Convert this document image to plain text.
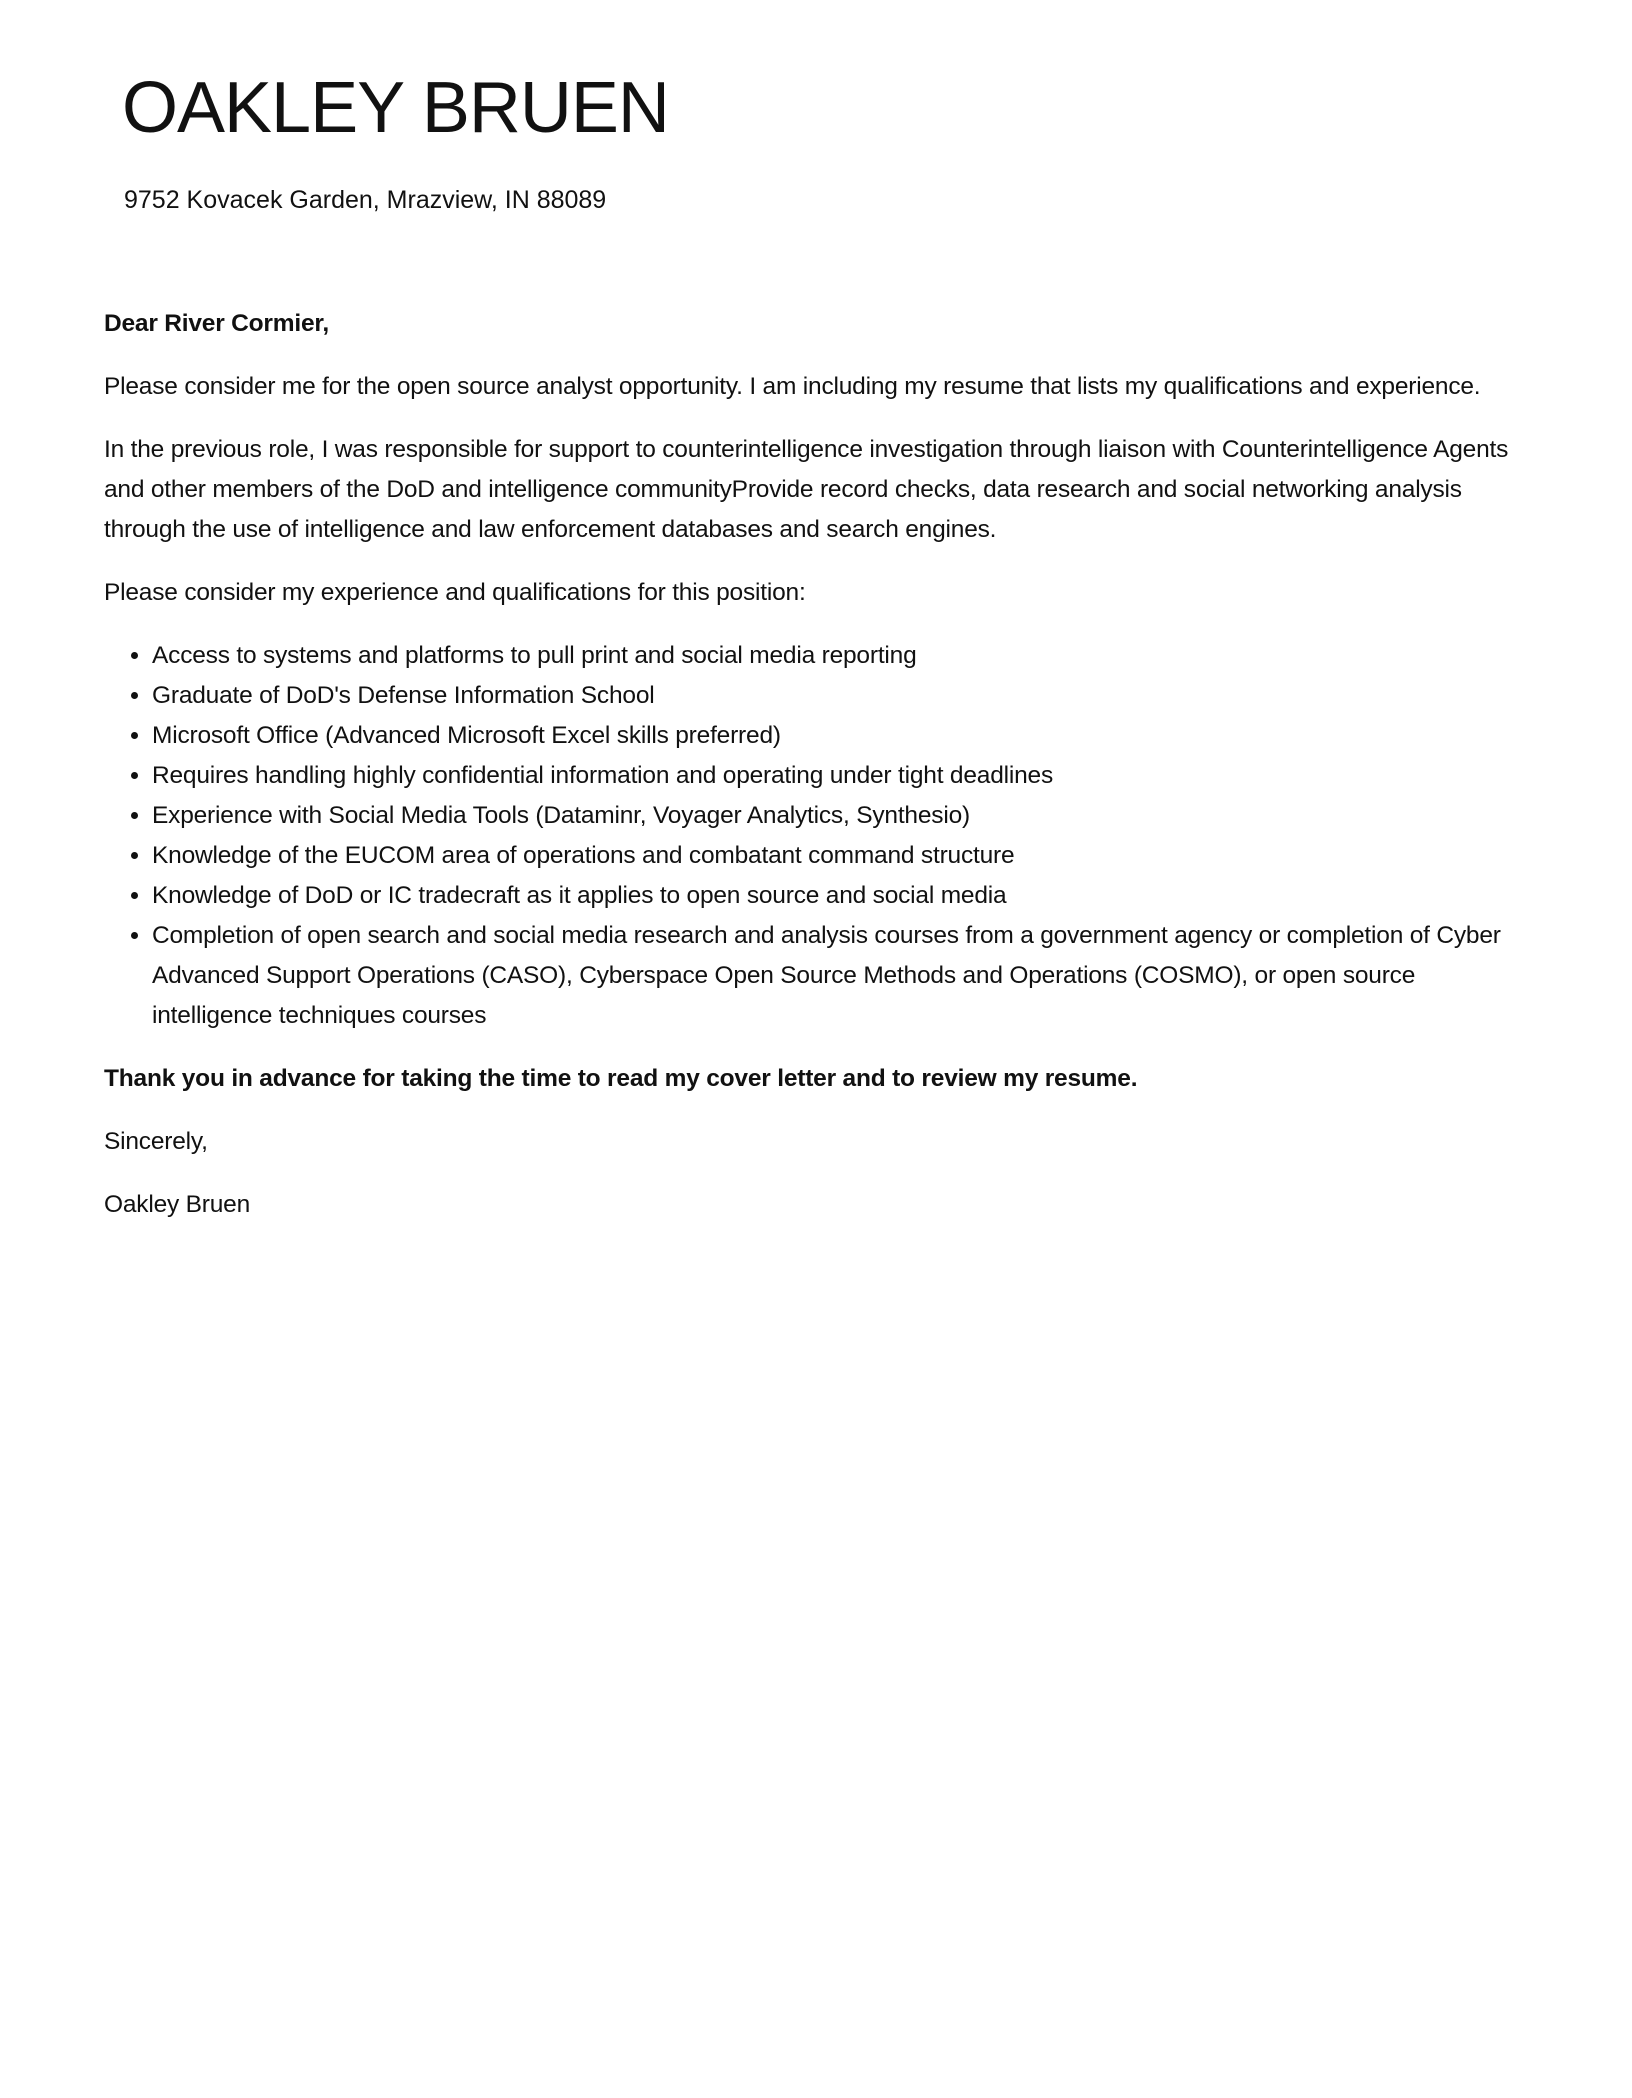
OAKLEY BRUEN

9752 Kovacek Garden, Mrazview, IN 88089

Dear River Cormier,

Please consider me for the open source analyst opportunity. I am including my resume that lists my qualifications and experience.

In the previous role, I was responsible for support to counterintelligence investigation through liaison with Counterintelligence Agents and other members of the DoD and intelligence communityProvide record checks, data research and social networking analysis through the use of intelligence and law enforcement databases and search engines.

Please consider my experience and qualifications for this position:

• Access to systems and platforms to pull print and social media reporting
• Graduate of DoD's Defense Information School
• Microsoft Office (Advanced Microsoft Excel skills preferred)
• Requires handling highly confidential information and operating under tight deadlines
• Experience with Social Media Tools (Dataminr, Voyager Analytics, Synthesio)
• Knowledge of the EUCOM area of operations and combatant command structure
• Knowledge of DoD or IC tradecraft as it applies to open source and social media
• Completion of open search and social media research and analysis courses from a government agency or completion of Cyber Advanced Support Operations (CASO), Cyberspace Open Source Methods and Operations (COSMO), or open source intelligence techniques courses

Thank you in advance for taking the time to read my cover letter and to review my resume.

Sincerely,

Oakley Bruen
